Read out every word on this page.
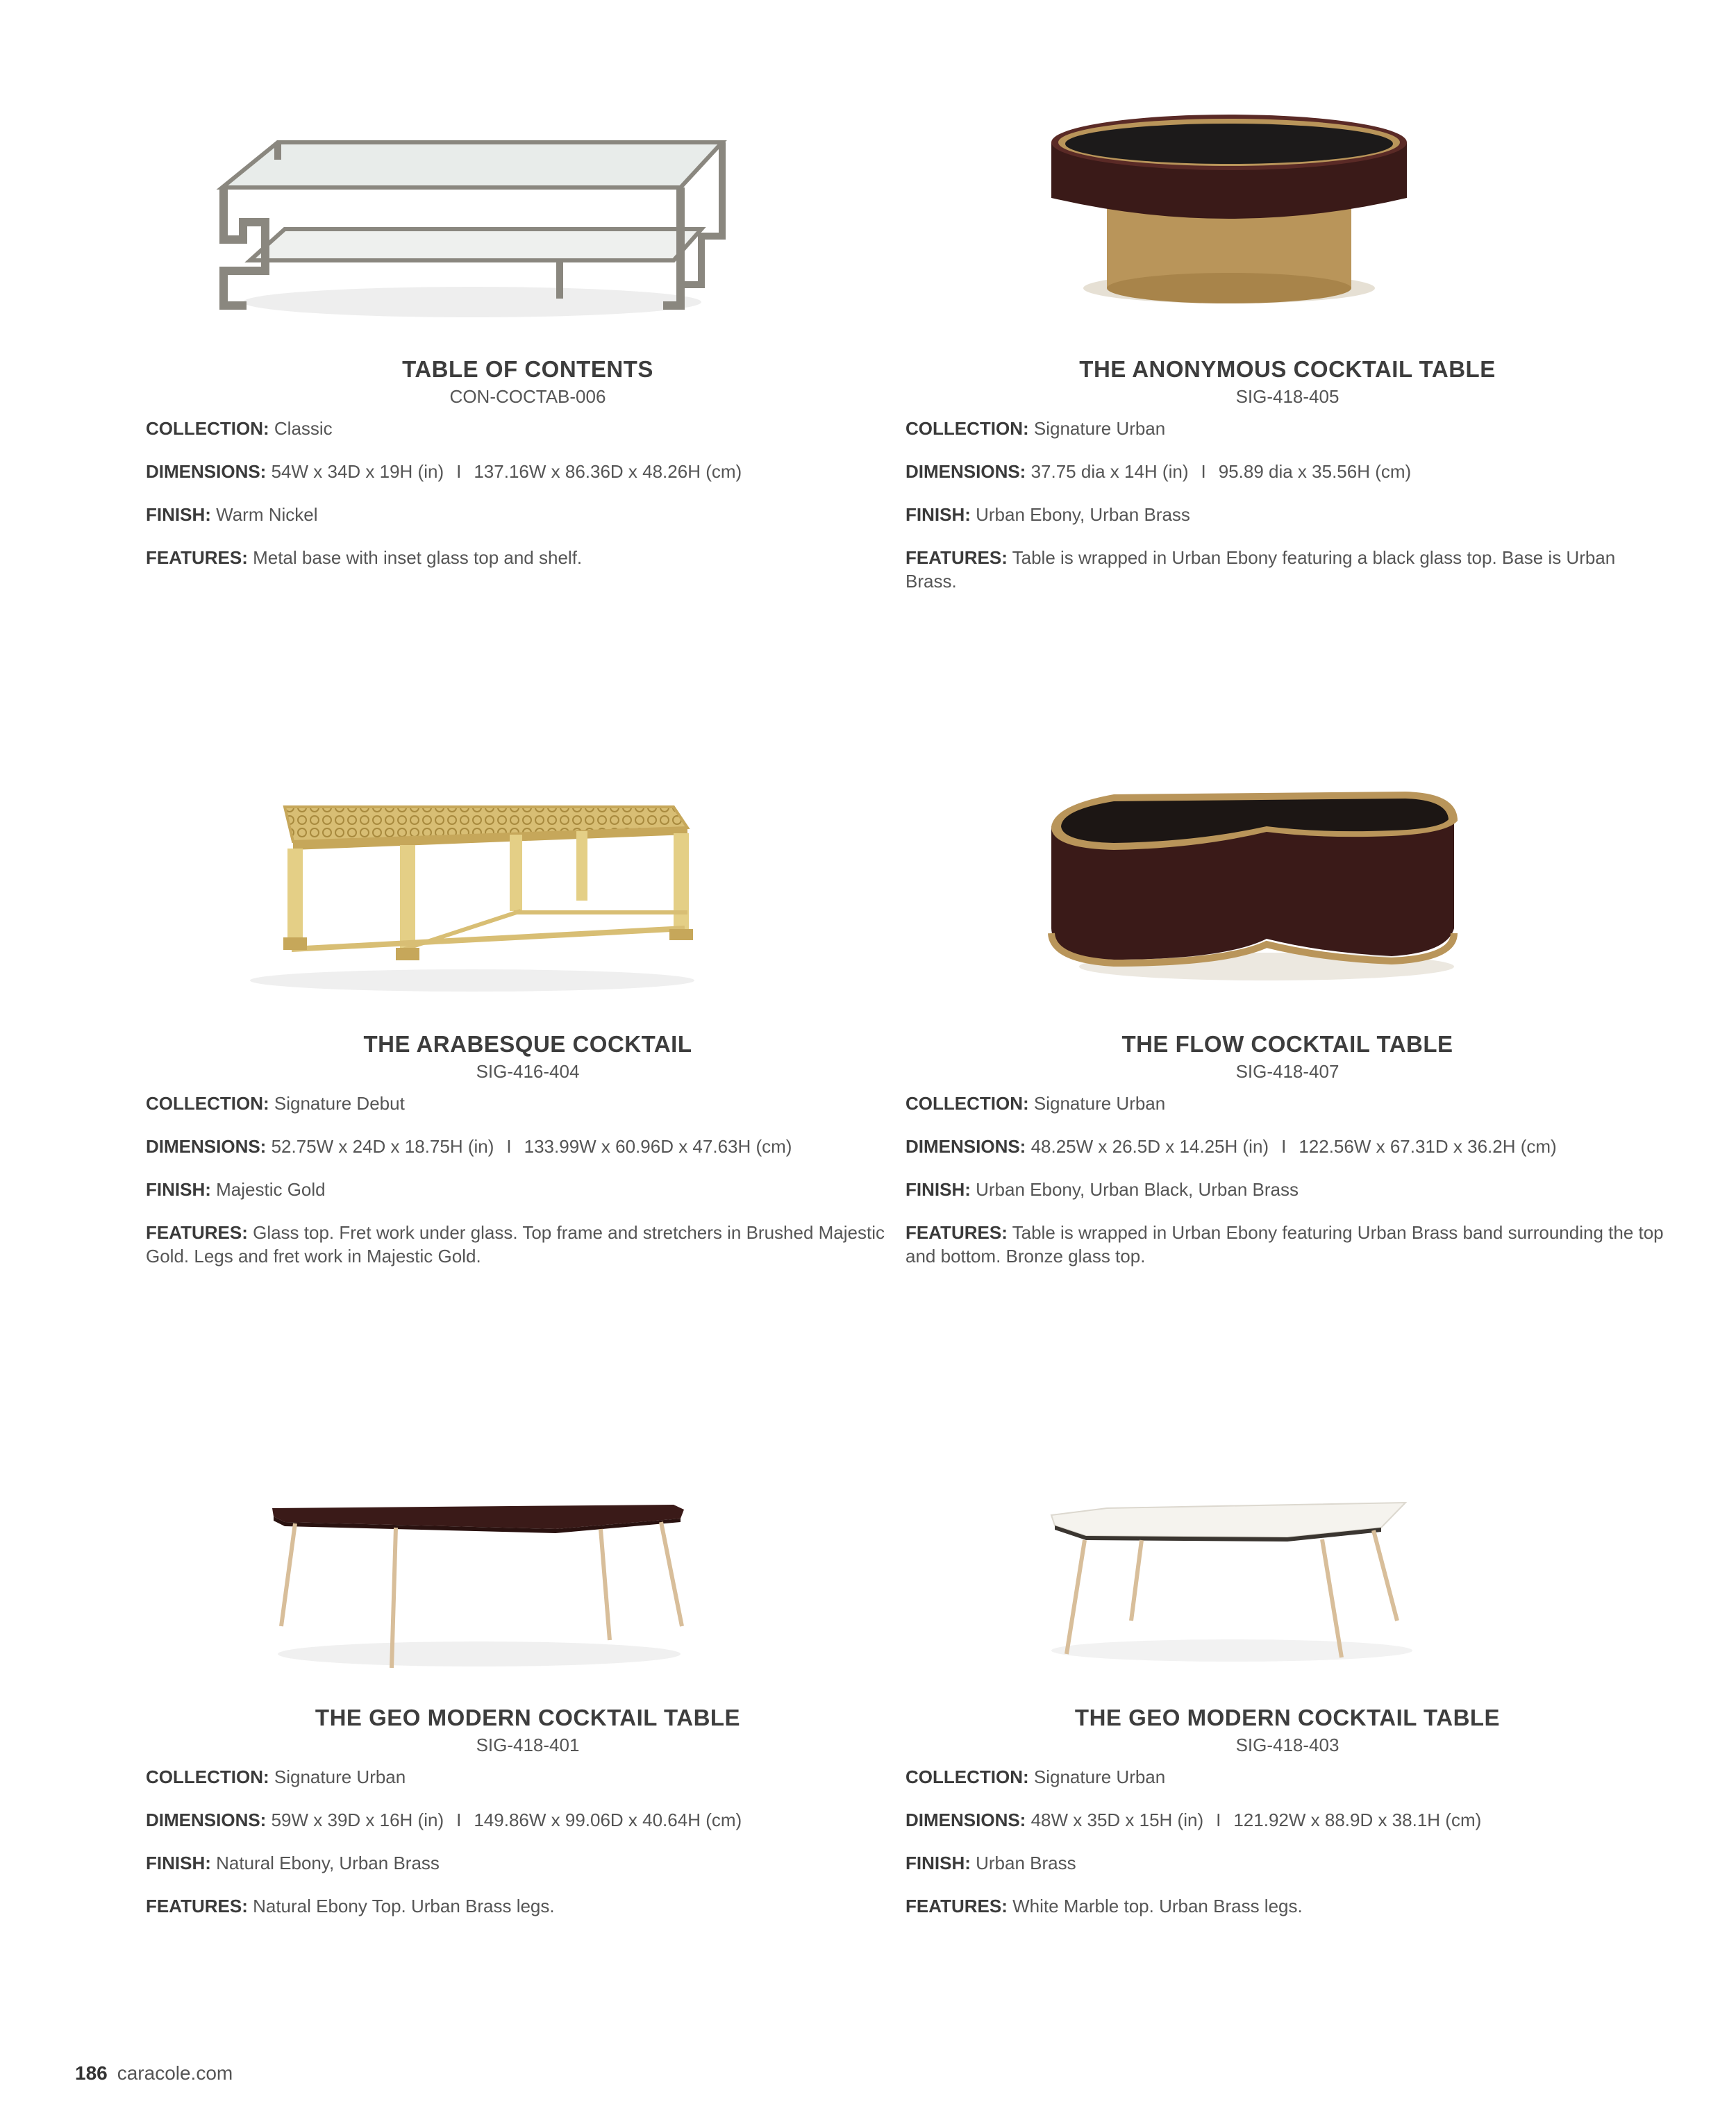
TABLE OF CONTENTS
CON-COCTAB-006
COLLECTION: Classic
DIMENSIONS: 54W x 34D x 19H (in) I 137.16W x 86.36D x 48.26H (cm)
FINISH: Warm Nickel
FEATURES: Metal base with inset glass top and shelf.
THE ANONYMOUS COCKTAIL TABLE
SIG-418-405
COLLECTION: Signature Urban
DIMENSIONS: 37.75 dia x 14H (in) I 95.89 dia x 35.56H (cm)
FINISH: Urban Ebony, Urban Brass
FEATURES: Table is wrapped in Urban Ebony featuring a black glass top. Base is Urban Brass.
THE ARABESQUE COCKTAIL
SIG-416-404
COLLECTION: Signature Debut
DIMENSIONS: 52.75W x 24D x 18.75H (in) I 133.99W x 60.96D x 47.63H (cm)
FINISH: Majestic Gold
FEATURES: Glass top. Fret work under glass. Top frame and stretchers in Brushed Majestic Gold. Legs and fret work in Majestic Gold.
THE FLOW COCKTAIL TABLE
SIG-418-407
COLLECTION: Signature Urban
DIMENSIONS: 48.25W x 26.5D x 14.25H (in) I 122.56W x 67.31D x 36.2H (cm)
FINISH: Urban Ebony, Urban Black, Urban Brass
FEATURES: Table is wrapped in Urban Ebony featuring Urban Brass band surrounding the top and bottom. Bronze glass top.
THE GEO MODERN COCKTAIL TABLE
SIG-418-401
COLLECTION: Signature Urban
DIMENSIONS: 59W x 39D x 16H (in) I 149.86W x 99.06D x 40.64H (cm)
FINISH: Natural Ebony, Urban Brass
FEATURES: Natural Ebony Top. Urban Brass legs.
THE GEO MODERN COCKTAIL TABLE
SIG-418-403
COLLECTION: Signature Urban
DIMENSIONS: 48W x 35D x 15H (in) I 121.92W x 88.9D x 38.1H (cm)
FINISH: Urban Brass
FEATURES: White Marble top. Urban Brass legs.
186 caracole.com
